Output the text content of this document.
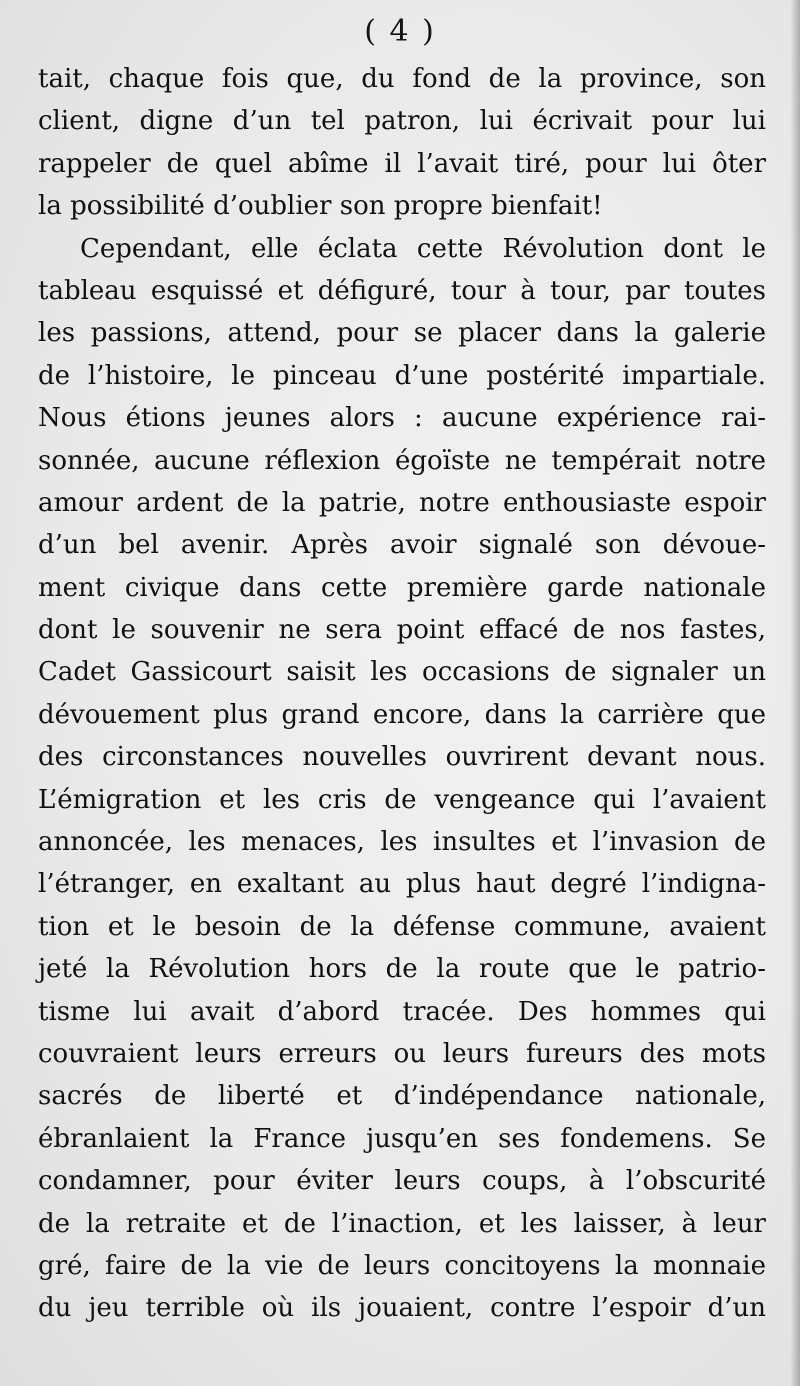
( 4 )
tait, chaque fois que, du fond de la province, son
client, digne d’un tel patron, lui écrivait pour lui
rappeler de quel abîme il l’avait tiré, pour lui ôter
la possibilité d’oublier son propre bienfait!
Cependant, elle éclata cette Révolution dont le
tableau esquissé et défiguré, tour à tour, par toutes
les passions, attend, pour se placer dans la galerie
de l’histoire, le pinceau d’une postérité impartiale.
Nous étions jeunes alors : aucune expérience rai-
sonnée, aucune réflexion égoïste ne tempérait notre
amour ardent de la patrie, notre enthousiaste espoir
d’un bel avenir. Après avoir signalé son dévoue-
ment civique dans cette première garde nationale
dont le souvenir ne sera point effacé de nos fastes,
Cadet Gassicourt saisit les occasions de signaler un
dévouement plus grand encore, dans la carrière que
des circonstances nouvelles ouvrirent devant nous.
L’émigration et les cris de vengeance qui l’avaient
annoncée, les menaces, les insultes et l’invasion de
l’étranger, en exaltant au plus haut degré l’indigna-
tion et le besoin de la défense commune, avaient
jeté la Révolution hors de la route que le patrio-
tisme lui avait d’abord tracée. Des hommes qui
couvraient leurs erreurs ou leurs fureurs des mots
sacrés de liberté et d’indépendance nationale,
ébranlaient la France jusqu’en ses fondemens. Se
condamner, pour éviter leurs coups, à l’obscurité
de la retraite et de l’inaction, et les laisser, à leur
gré, faire de la vie de leurs concitoyens la monnaie
du jeu terrible où ils jouaient, contre l’espoir d’un
